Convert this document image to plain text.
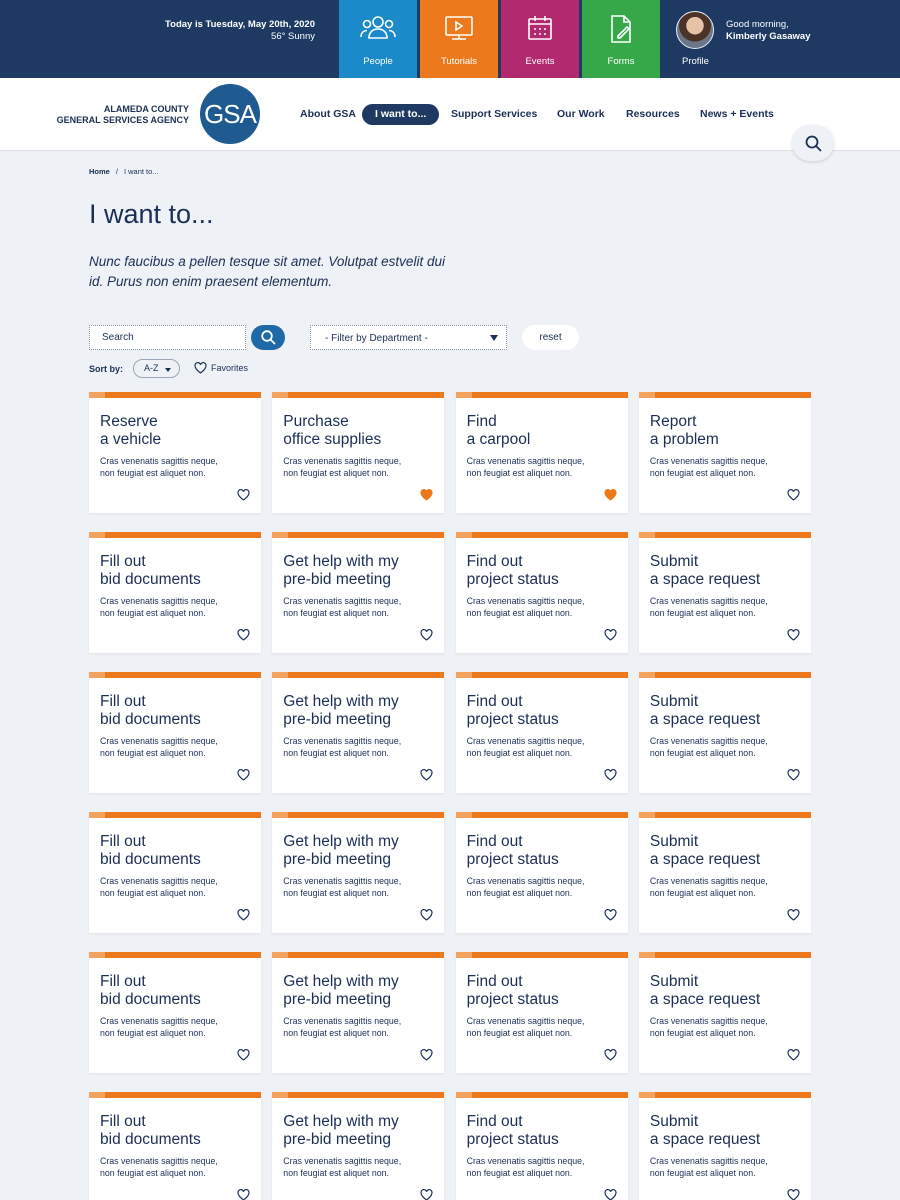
Today is Tuesday, May 20th, 2020
56° Sunny
People	Tutorials	Events	Forms	Profile
Good morning,
Kimberly Gasaway
ALAMEDA COUNTY
GENERAL SERVICES AGENCY GSA	About GSA	I want to...	Support Services Our Work Resources News + Events
Home / I want to...
I want to...

Nunc faucibus a pellen tesque sit amet. Volutpat estvelit dui id. Purus non enim praesent elementum.

Search
- Filter by Department -	reset
Sort by:	A-Z	Favorites
Reserve
a vehicle
Cras venenatis sagittis neque,
non feugiat est aliquet non.
Purchase
office supplies
Cras venenatis sagittis neque,
non feugiat est aliquet non.
Find
a carpool
Cras venenatis sagittis neque,
non feugiat est aliquet non.
Report
a problem
Cras venenatis sagittis neque,
non feugiat est aliquet non.
Fill out
bid documents
Cras venenatis sagittis neque,
non feugiat est aliquet non.
Get help with my
pre-bid meeting
Cras venenatis sagittis neque,
non feugiat est aliquet non.
Find out
project status
Cras venenatis sagittis neque,
non feugiat est aliquet non.
Submit
a space request
Cras venenatis sagittis neque,
non feugiat est aliquet non.
Fill out
bid documents
Cras venenatis sagittis neque,
non feugiat est aliquet non.
Get help with my
pre-bid meeting
Cras venenatis sagittis neque,
non feugiat est aliquet non.
Find out
project status
Cras venenatis sagittis neque,
non feugiat est aliquet non.
Submit
a space request
Cras venenatis sagittis neque,
non feugiat est aliquet non.
Fill out
bid documents
Cras venenatis sagittis neque,
non feugiat est aliquet non.
Get help with my
pre-bid meeting
Cras venenatis sagittis neque,
non feugiat est aliquet non.
Find out
project status
Cras venenatis sagittis neque,
non feugiat est aliquet non.
Submit
a space request
Cras venenatis sagittis neque,
non feugiat est aliquet non.
Fill out
bid documents
Cras venenatis sagittis neque,
non feugiat est aliquet non.
Get help with my
pre-bid meeting
Cras venenatis sagittis neque,
non feugiat est aliquet non.
Find out
project status
Cras venenatis sagittis neque,
non feugiat est aliquet non.
Submit
a space request
Cras venenatis sagittis neque,
non feugiat est aliquet non.
Fill out
bid documents
Cras venenatis sagittis neque,
non feugiat est aliquet non.
Get help with my
pre-bid meeting
Cras venenatis sagittis neque,
non feugiat est aliquet non.
Find out
project status
Cras venenatis sagittis neque,
non feugiat est aliquet non.
Submit
a space request
Cras venenatis sagittis neque,
non feugiat est aliquet non.
